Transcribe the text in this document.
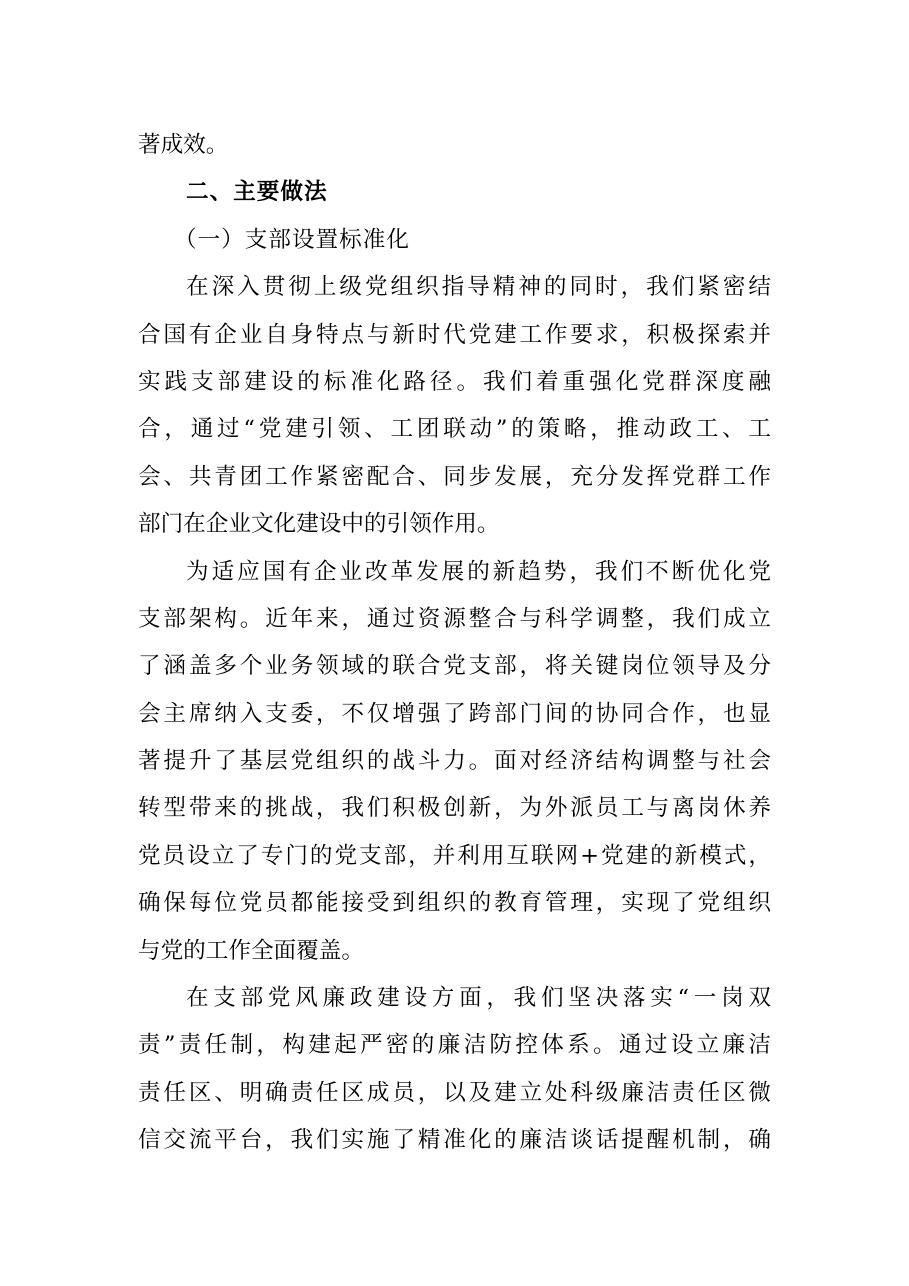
著成效。
二、主要做法
（一）支部设置标准化
在深入贯彻上级党组织指导精神的同时，我们紧密结
合国有企业自身特点与新时代党建工作要求，积极探索并
实践支部建设的标准化路径。我们着重强化党群深度融
合，通过“党建引领、工团联动”的策略，推动政工、工
会、共青团工作紧密配合、同步发展，充分发挥党群工作
部门在企业文化建设中的引领作用。
为适应国有企业改革发展的新趋势，我们不断优化党
支部架构。近年来，通过资源整合与科学调整，我们成立
了涵盖多个业务领域的联合党支部，将关键岗位领导及分
会主席纳入支委，不仅增强了跨部门间的协同合作，也显
著提升了基层党组织的战斗力。面对经济结构调整与社会
转型带来的挑战，我们积极创新，为外派员工与离岗休养
党员设立了专门的党支部，并利用互联网+党建的新模式，
确保每位党员都能接受到组织的教育管理，实现了党组织
与党的工作全面覆盖。
在支部党风廉政建设方面，我们坚决落实“一岗双
责”责任制，构建起严密的廉洁防控体系。通过设立廉洁
责任区、明确责任区成员，以及建立处科级廉洁责任区微
信交流平台，我们实施了精准化的廉洁谈话提醒机制，确
